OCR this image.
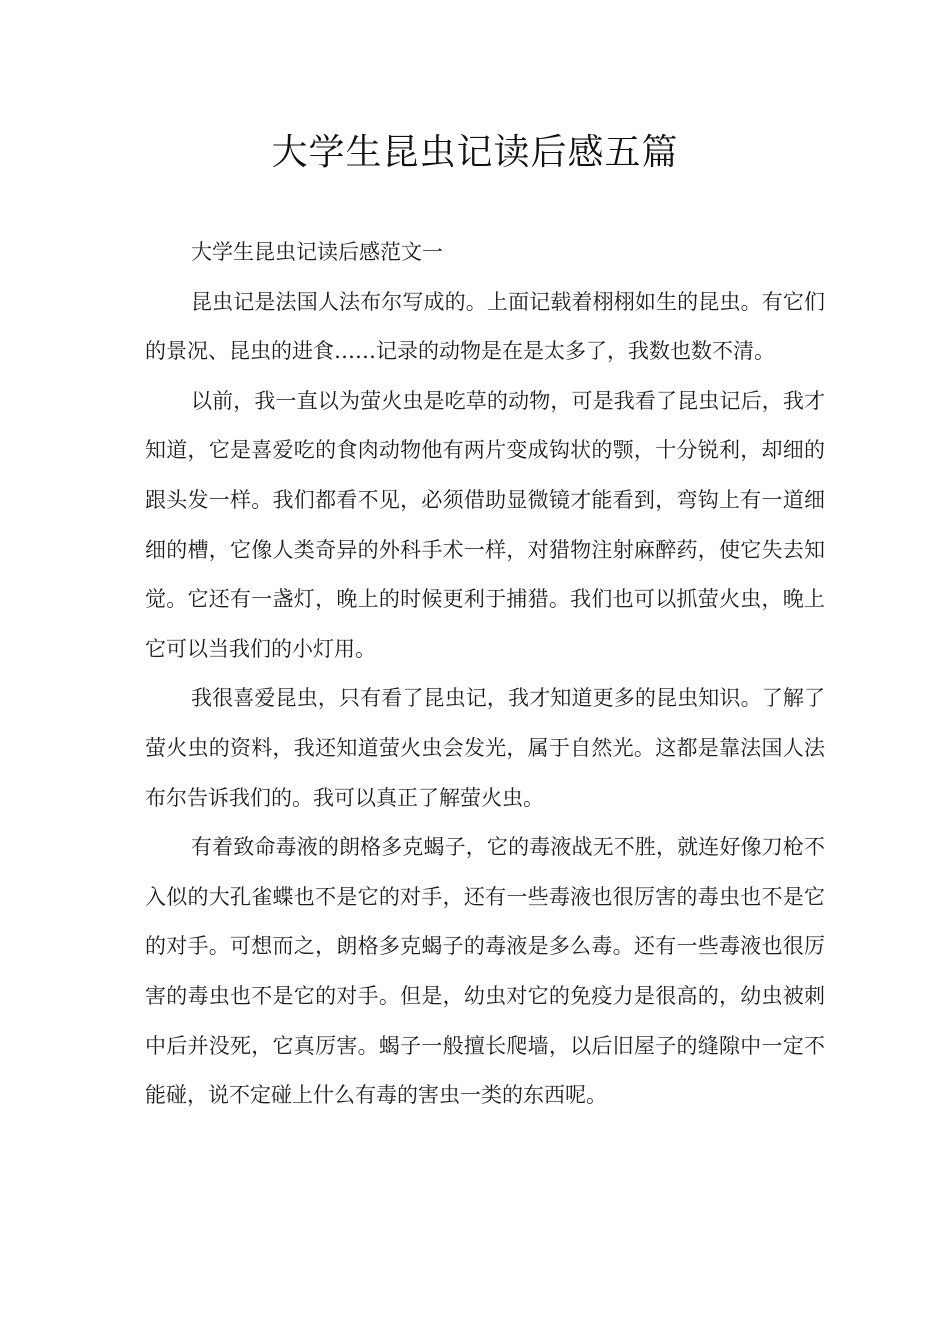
大学生昆虫记读后感五篇

大学生昆虫记读后感范文一

昆虫记是法国人法布尔写成的。上面记载着栩栩如生的昆虫。有它们的景况、昆虫的进食……记录的动物是在是太多了，我数也数不清。

以前，我一直以为萤火虫是吃草的动物，可是我看了昆虫记后，我才知道，它是喜爱吃的食肉动物他有两片变成钩状的颚，十分锐利，却细的跟头发一样。我们都看不见，必须借助显微镜才能看到，弯钩上有一道细细的槽，它像人类奇异的外科手术一样，对猎物注射麻醉药，使它失去知觉。它还有一盏灯，晚上的时候更利于捕猎。我们也可以抓萤火虫，晚上它可以当我们的小灯用。

我很喜爱昆虫，只有看了昆虫记，我才知道更多的昆虫知识。了解了萤火虫的资料，我还知道萤火虫会发光，属于自然光。这都是靠法国人法布尔告诉我们的。我可以真正了解萤火虫。

有着致命毒液的朗格多克蝎子，它的毒液战无不胜，就连好像刀枪不入似的大孔雀蝶也不是它的对手，还有一些毒液也很厉害的毒虫也不是它的对手。可想而之，朗格多克蝎子的毒液是多么毒。还有一些毒液也很厉害的毒虫也不是它的对手。但是，幼虫对它的免疫力是很高的，幼虫被刺中后并没死，它真厉害。蝎子一般擅长爬墙，以后旧屋子的缝隙中一定不能碰，说不定碰上什么有毒的害虫一类的东西呢。
